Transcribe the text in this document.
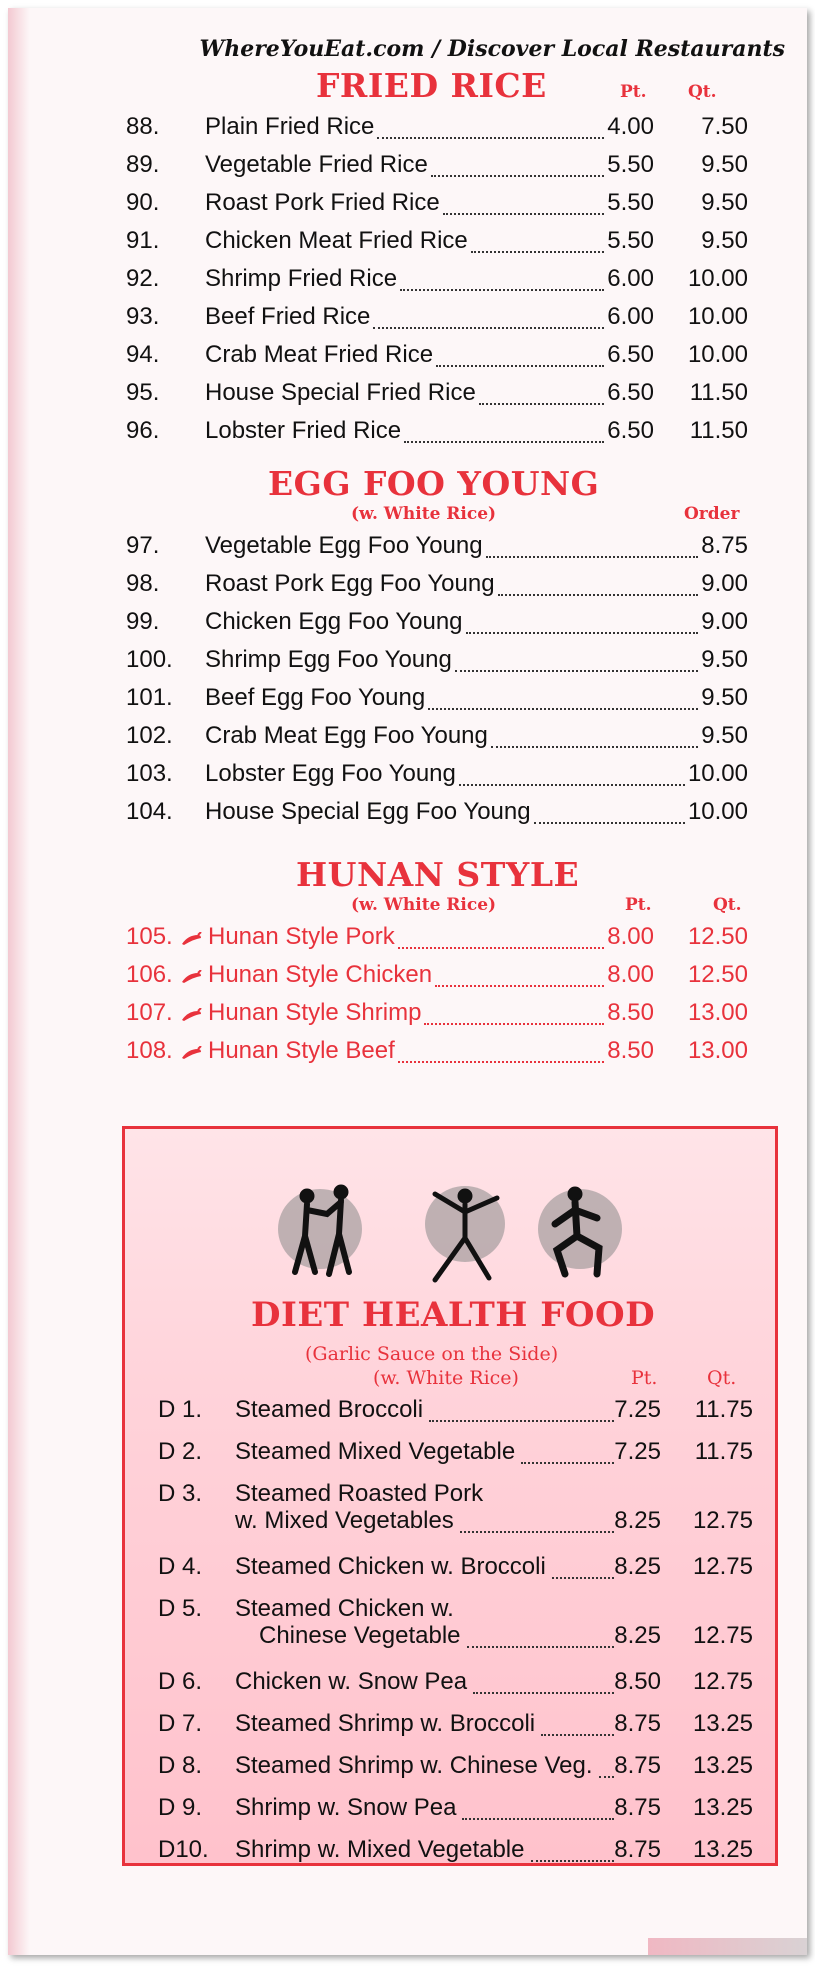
WhereYouEat.com / Discover Local Restaurants
FRIED RICE	Pt. Qt.
88. Plain Fried Rice	4.00 7.50
89. Vegetable Fried Rice	5.50 9.50
90. Roast Pork Fried Rice	5.50 9.50
91. Chicken Meat Fried Rice	5.50 9.50
92. Shrimp Fried Rice	6.00 10.00
93. Beef Fried Rice	6.00 10.00
94. Crab Meat Fried Rice	6.50 10.00
95. House Special Fried Rice	6.50 11.50
96. Lobster Fried Rice	6.50 11.50
EGG FOO YOUNG
(w. White Rice)	Order
97. Vegetable Egg Foo Young	8.75
98. Roast Pork Egg Foo Young	9.00
99. Chicken Egg Foo Young	9.00
100. Shrimp Egg Foo Young	9.50
101. Beef Egg Foo Young	9.50
102. Crab Meat Egg Foo Young	9.50
103. Lobster Egg Foo Young	10.00
104. House Special Egg Foo Young	10.00
HUNAN STYLE
(w. White Rice)	Pt.	Qt.
105. Hunan Style Pork	8.00 12.50
106. Hunan Style Chicken	8.00 12.50
107. Hunan Style Shrimp	8.50 13.00
108. Hunan Style Beef	8.50 13.00
DIET HEALTH FOOD
(Garlic Sauce on the Side)
(w. White Rice)	Pt.	Qt.
D 1. Steamed Broccoli	7.25 11.75
D 2. Steamed Mixed Vegetable	7.25 11.75
D 3. Steamed Roasted Pork
w. Mixed Vegetables	8.25 12.75
D 4. Steamed Chicken w. Broccoli	8.25 12.75
D 5. Steamed Chicken w.
Chinese Vegetable	8.25 12.75
D 6. Chicken w. Snow Pea	8.50 12.75
D 7. Steamed Shrimp w. Broccoli	8.75 13.25
D 8. Steamed Shrimp w. Chinese Veg. 8.75 13.25
D 9. Shrimp w. Snow Pea	8.75 13.25
D10. Shrimp w. Mixed Vegetable	8.75 13.25
